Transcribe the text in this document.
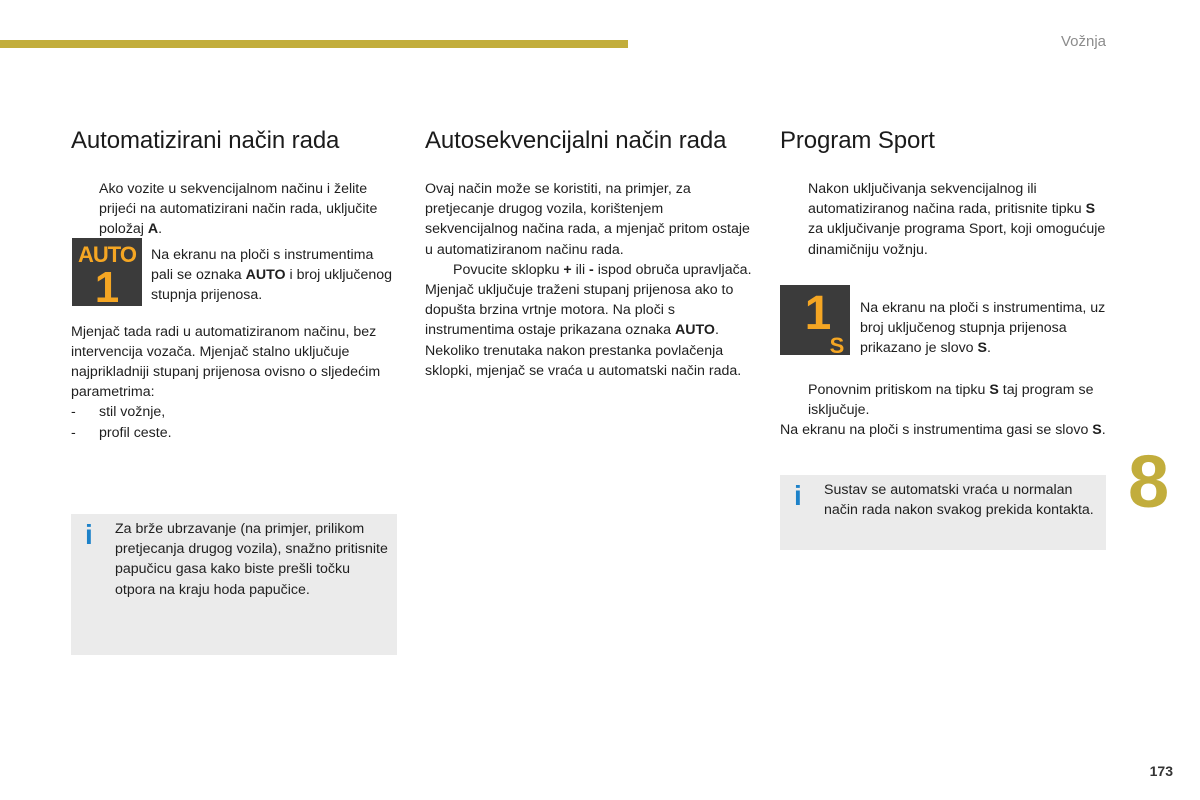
Vožnja
Automatizirani način rada

Ako vozite u sekvencijalnom načinu i želite prijeći na automatizirani način rada, uključite položaj A.

Na ekranu na ploči s instrumentima pali se oznaka AUTO i broj uključenog stupnja prijenosa.

Mjenjač tada radi u automatiziranom načinu, bez intervencija vozača. Mjenjač stalno uključuje najprikladniji stupanj prijenosa ovisno o sljedećim parametrima:

- stil vožnje,

- profil ceste.

AUTO
1
i Za brže ubrzavanje (na primjer, prilikom pretjecanja drugog vozila), snažno pritisnite papučicu gasa kako biste prešli točku otpora na kraju hoda papučice.

Autosekvencijalni način rada

Ovaj način može se koristiti, na primjer, za pretjecanje drugog vozila, korištenjem sekvencijalnog načina rada, a mjenjač pritom ostaje u automatiziranom načinu rada.

Povucite sklopku + ili - ispod obruča upravljača.

Mjenjač uključuje traženi stupanj prijenosa ako to dopušta brzina vrtnje motora. Na ploči s instrumentima ostaje prikazana oznaka AUTO. Nekoliko trenutaka nakon prestanka povlačenja sklopki, mjenjač se vraća u automatski način rada.

Program Sport

Nakon uključivanja sekvencijalnog ili automatiziranog načina rada, pritisnite tipku S za uključivanje programa Sport, koji omogućuje dinamičniju vožnju.

Na ekranu na ploči s instrumentima, uz broj uključenog stupnja prijenosa prikazano je slovo S.

Ponovnim pritiskom na tipku S taj program se isključuje.

Na ekranu na ploči s instrumentima gasi se slovo S.

1
S
i Sustav se automatski vraća u normalan način rada nakon svakog prekida kontakta. 8
173
